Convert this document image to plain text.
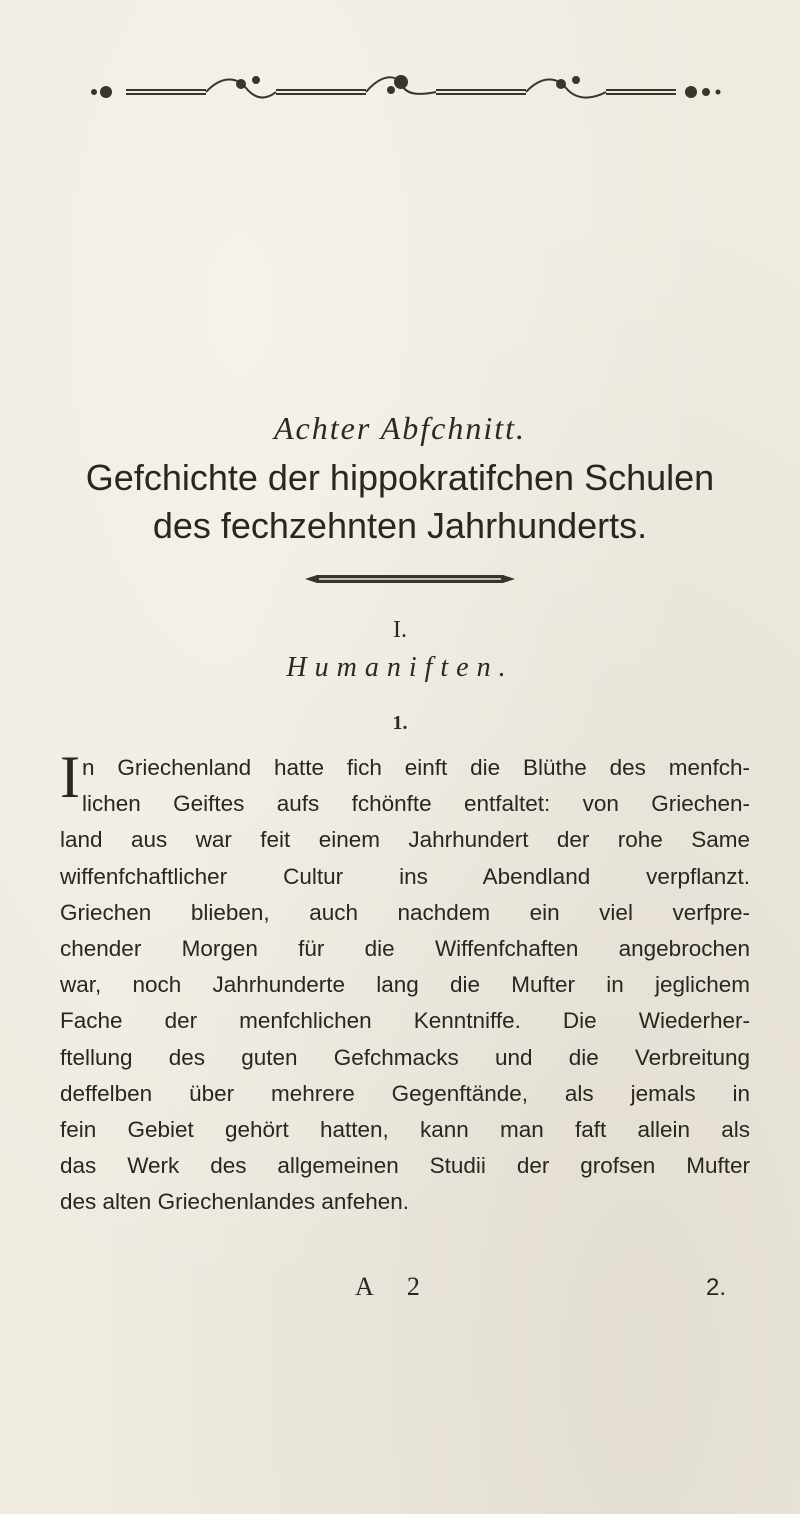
Achter Abfchnitt.
Gefchichte der hippokratifchen Schulen
des fechzehnten Jahrhunderts.
I.
Humaniften.
1.
I n Griechenland hatte fich einft die Blüthe des menfch-
lichen Geiftes aufs fchönfte entfaltet: von Griechen-
land aus war feit einem Jahrhundert der rohe Same
wiffenfchaftlicher Cultur ins Abendland verpflanzt.
Griechen blieben, auch nachdem ein viel verfpre-
chender Morgen für die Wiffenfchaften angebrochen
war, noch Jahrhunderte lang die Mufter in jeglichem
Fache der menfchlichen Kenntniffe. Die Wiederher-
ftellung des guten Gefchmacks und die Verbreitung
deffelben über mehrere Gegenftände, als jemals in
fein Gebiet gehört hatten, kann man faft allein als
das Werk des allgemeinen Studii der grofsen Mufter
des alten Griechenlandes anfehen.
A 2	2.
